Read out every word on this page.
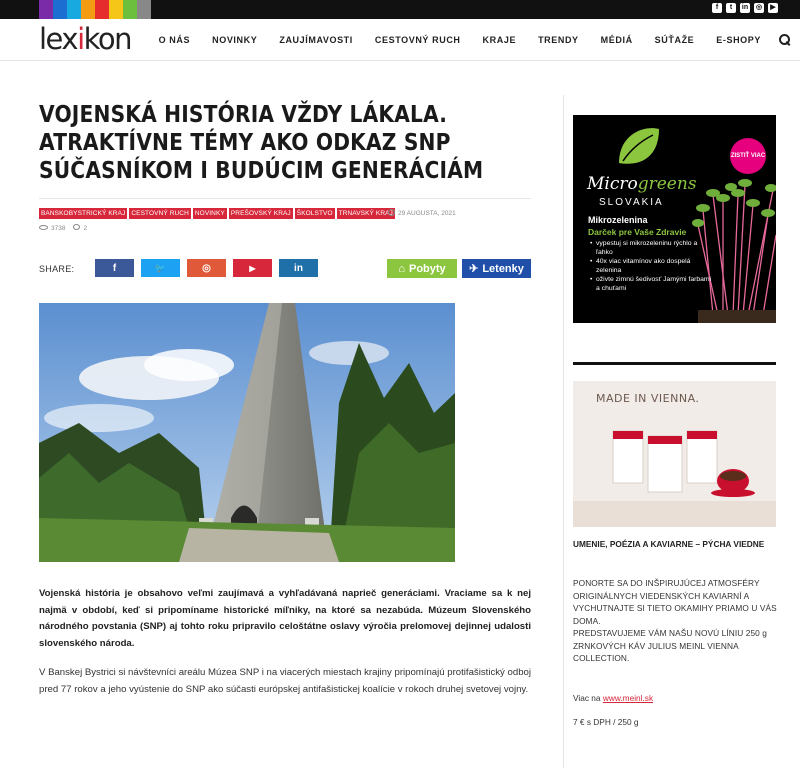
f	t	in ◎	▶
lexikon	O NÁS NOVINKY ZAUJÍMAVOSTI CESTOVNÝ RUCH KRAJE TRENDY MÉDIÁ SÚŤAŽE E-SHOPY
VOJENSKÁ HISTÓRIA VŽDY LÁKALA. ATRAKTÍVNE TÉMY AKO ODKAZ SNP SÚČASNÍKOM I BUDÚCIM GENERÁCIÁM
BANSKOBYSTRICKÝ KRAJ CESTOVNÝ RUCH NOVINKY PREŠOVSKÝ KRAJ ŠKOLSTVO TRNAVSKÝ KRAJ 29 AUGUSTA, 2021
3738	2
SHARE:	f	🐦	◎	▶	in	⌂ Pobyty ✈ Letenky

Vojenská história je obsahovo veľmi zaujímavá a vyhľadávaná naprieč generáciami. Vraciame sa k nej najmä v období, keď si pripomíname historické míľniky, na ktoré sa nezabúda. Múzeum Slovenského národného povstania (SNP) aj tohto roku pripravilo celoštátne oslavy výročia prelomovej dejinnej udalosti slovenského národa.

V Banskej Bystrici si návštevníci areálu Múzea SNP i na viacerých miestach krajiny pripomínajú protifašistický odboj pred 77 rokov a jeho vyústenie do SNP ako súčasti európskej antifašistickej koalície v rokoch druhej svetovej vojny.

ZISTIŤ VIAC
Microgreens
SLOVAKIA
Mikrozelenina
Darček pre Vaše Zdravie
• vypestuj si mikrozeleninu rýchlo a ľahko
• 40x viac vitamínov ako dospelá zelenina
• oživte zimnú šedivosť Jamými farbami a chuťami
MADE IN VIENNA.
UMENIE, POÉZIA A KAVIARNE – PÝCHA VIEDNE
PONORTE SA DO INŠPIRUJÚCEJ ATMOSFÉRY ORIGINÁLNYCH VIEDENSKÝCH KAVIARNÍ A VYCHUTNAJTE SI TIETO OKAMIHY PRIAMO U VÁS DOMA.
PREDSTAVUJEME VÁM NAŠU NOVÚ LÍNIU 250 g ZRNKOVÝCH KÁV JULIUS MEINL VIENNA COLLECTION.
Viac na www.meinl.sk
7 € s DPH / 250 g
